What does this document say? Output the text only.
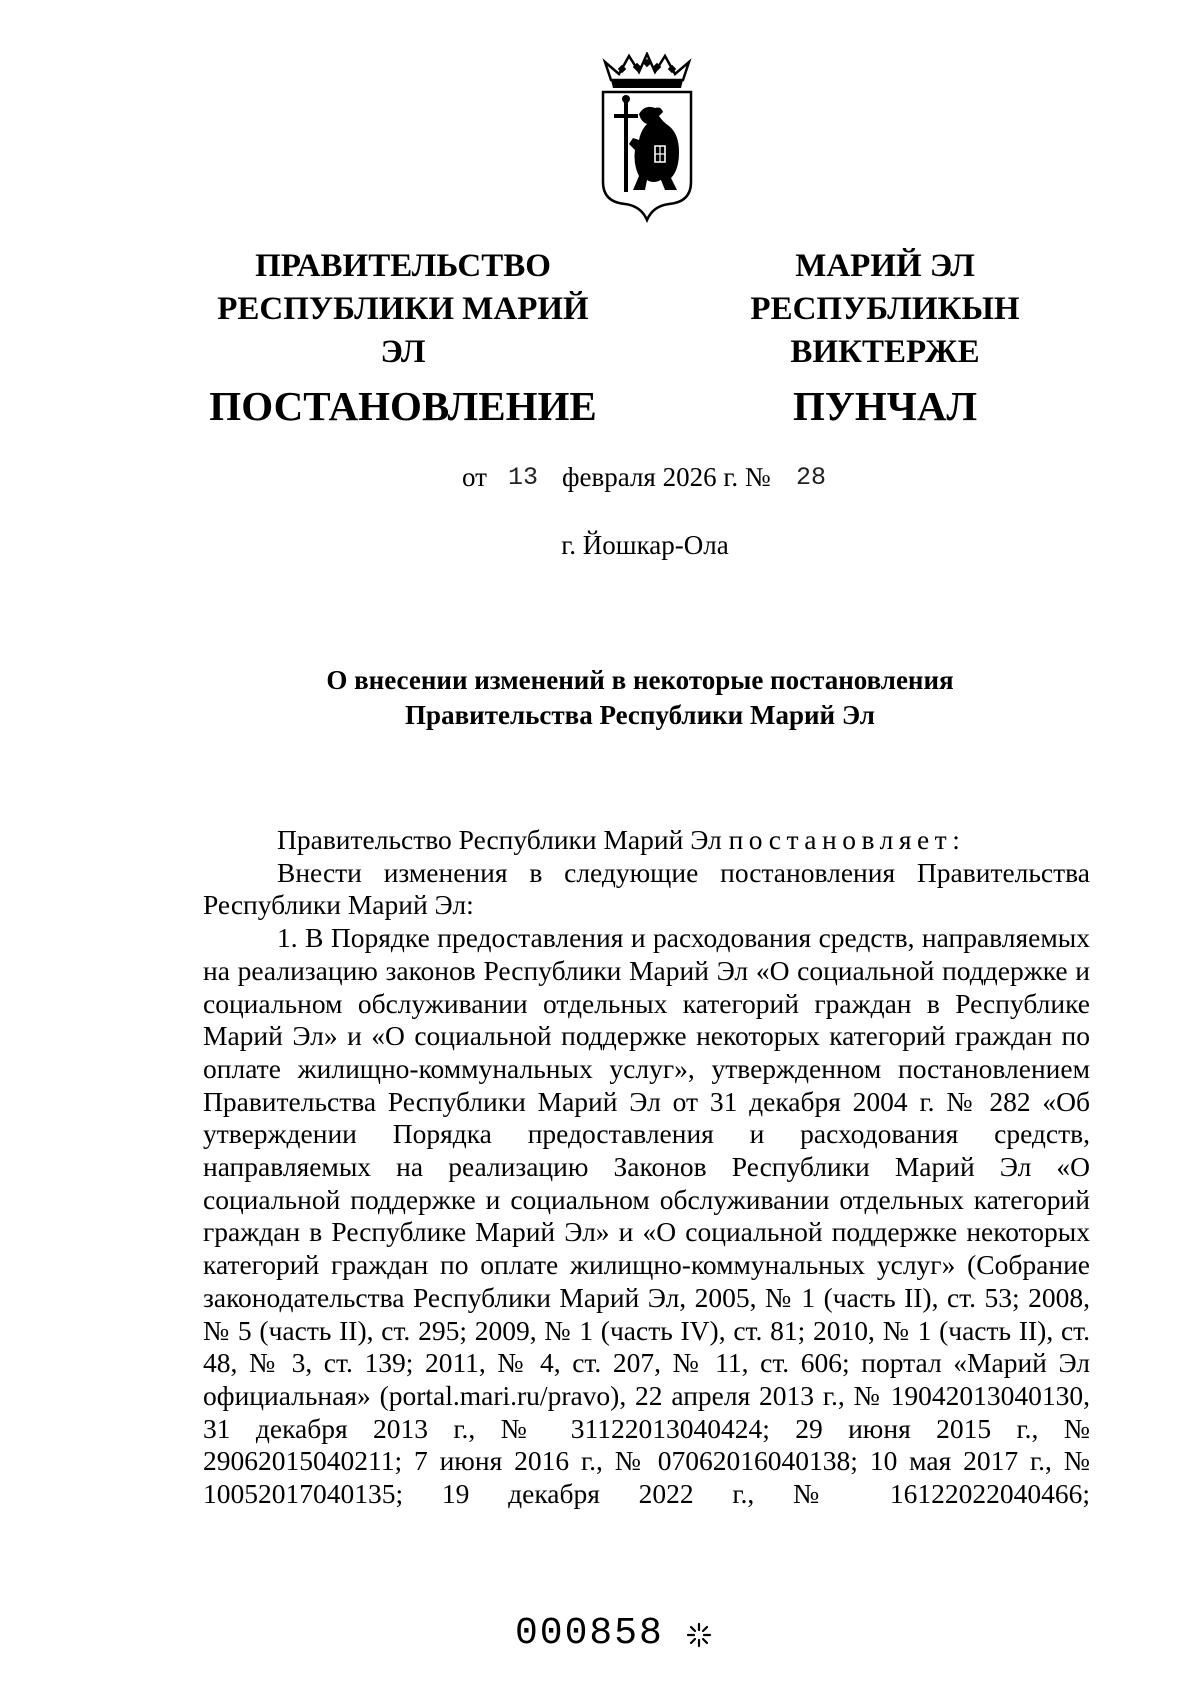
ПРАВИТЕЛЬСТВО
РЕСПУБЛИКИ МАРИЙ ЭЛ
ПОСТАНОВЛЕНИЕ
МАРИЙ ЭЛ РЕСПУБЛИКЫН
ВИКТЕРЖЕ
ПУНЧАЛ
от 13 февраля 2026 г. № 28
г. Йошкар-Ола
О внесении изменений в некоторые постановления
Правительства Республики Марий Эл

Правительство Республики Марий Эл постановляет:

Внести изменения в следующие постановления Правительства Республики Марий Эл:

1. В Порядке предоставления и расходования средств, направляемых на реализацию законов Республики Марий Эл «О социальной поддержке и социальном обслуживании отдельных категорий граждан в Республике Марий Эл» и «О социальной поддержке некоторых категорий граждан по оплате жилищно-коммунальных услуг», утвержденном постановлением Правительства Республики Марий Эл от 31 декабря 2004 г. № 282 «Об утверждении Порядка предоставления и расходования средств, направляемых на реализацию Законов Республики Марий Эл «О социальной поддержке и социальном обслуживании отдельных категорий граждан в Республике Марий Эл» и «О социальной поддержке некоторых категорий граждан по оплате жилищно-коммунальных услуг» (Собрание законодательства Республики Марий Эл, 2005, № 1 (часть II), ст. 53; 2008, № 5 (часть II), ст. 295; 2009, № 1 (часть IV), ст. 81; 2010, № 1 (часть II), ст. 48, № 3, ст. 139; 2011, № 4, ст. 207, № 11, ст. 606; портал «Марий Эл официальная» (portal.mari.ru/pravo), 22 апреля 2013 г., № 19042013040130, 31 декабря 2013 г., № 31122013040424; 29 июня 2015 г., № 29062015040211; 7 июня 2016 г., № 07062016040138; 10 мая 2017 г., № 10052017040135; 19 декабря 2022 г., № 16122022040466;

000858
